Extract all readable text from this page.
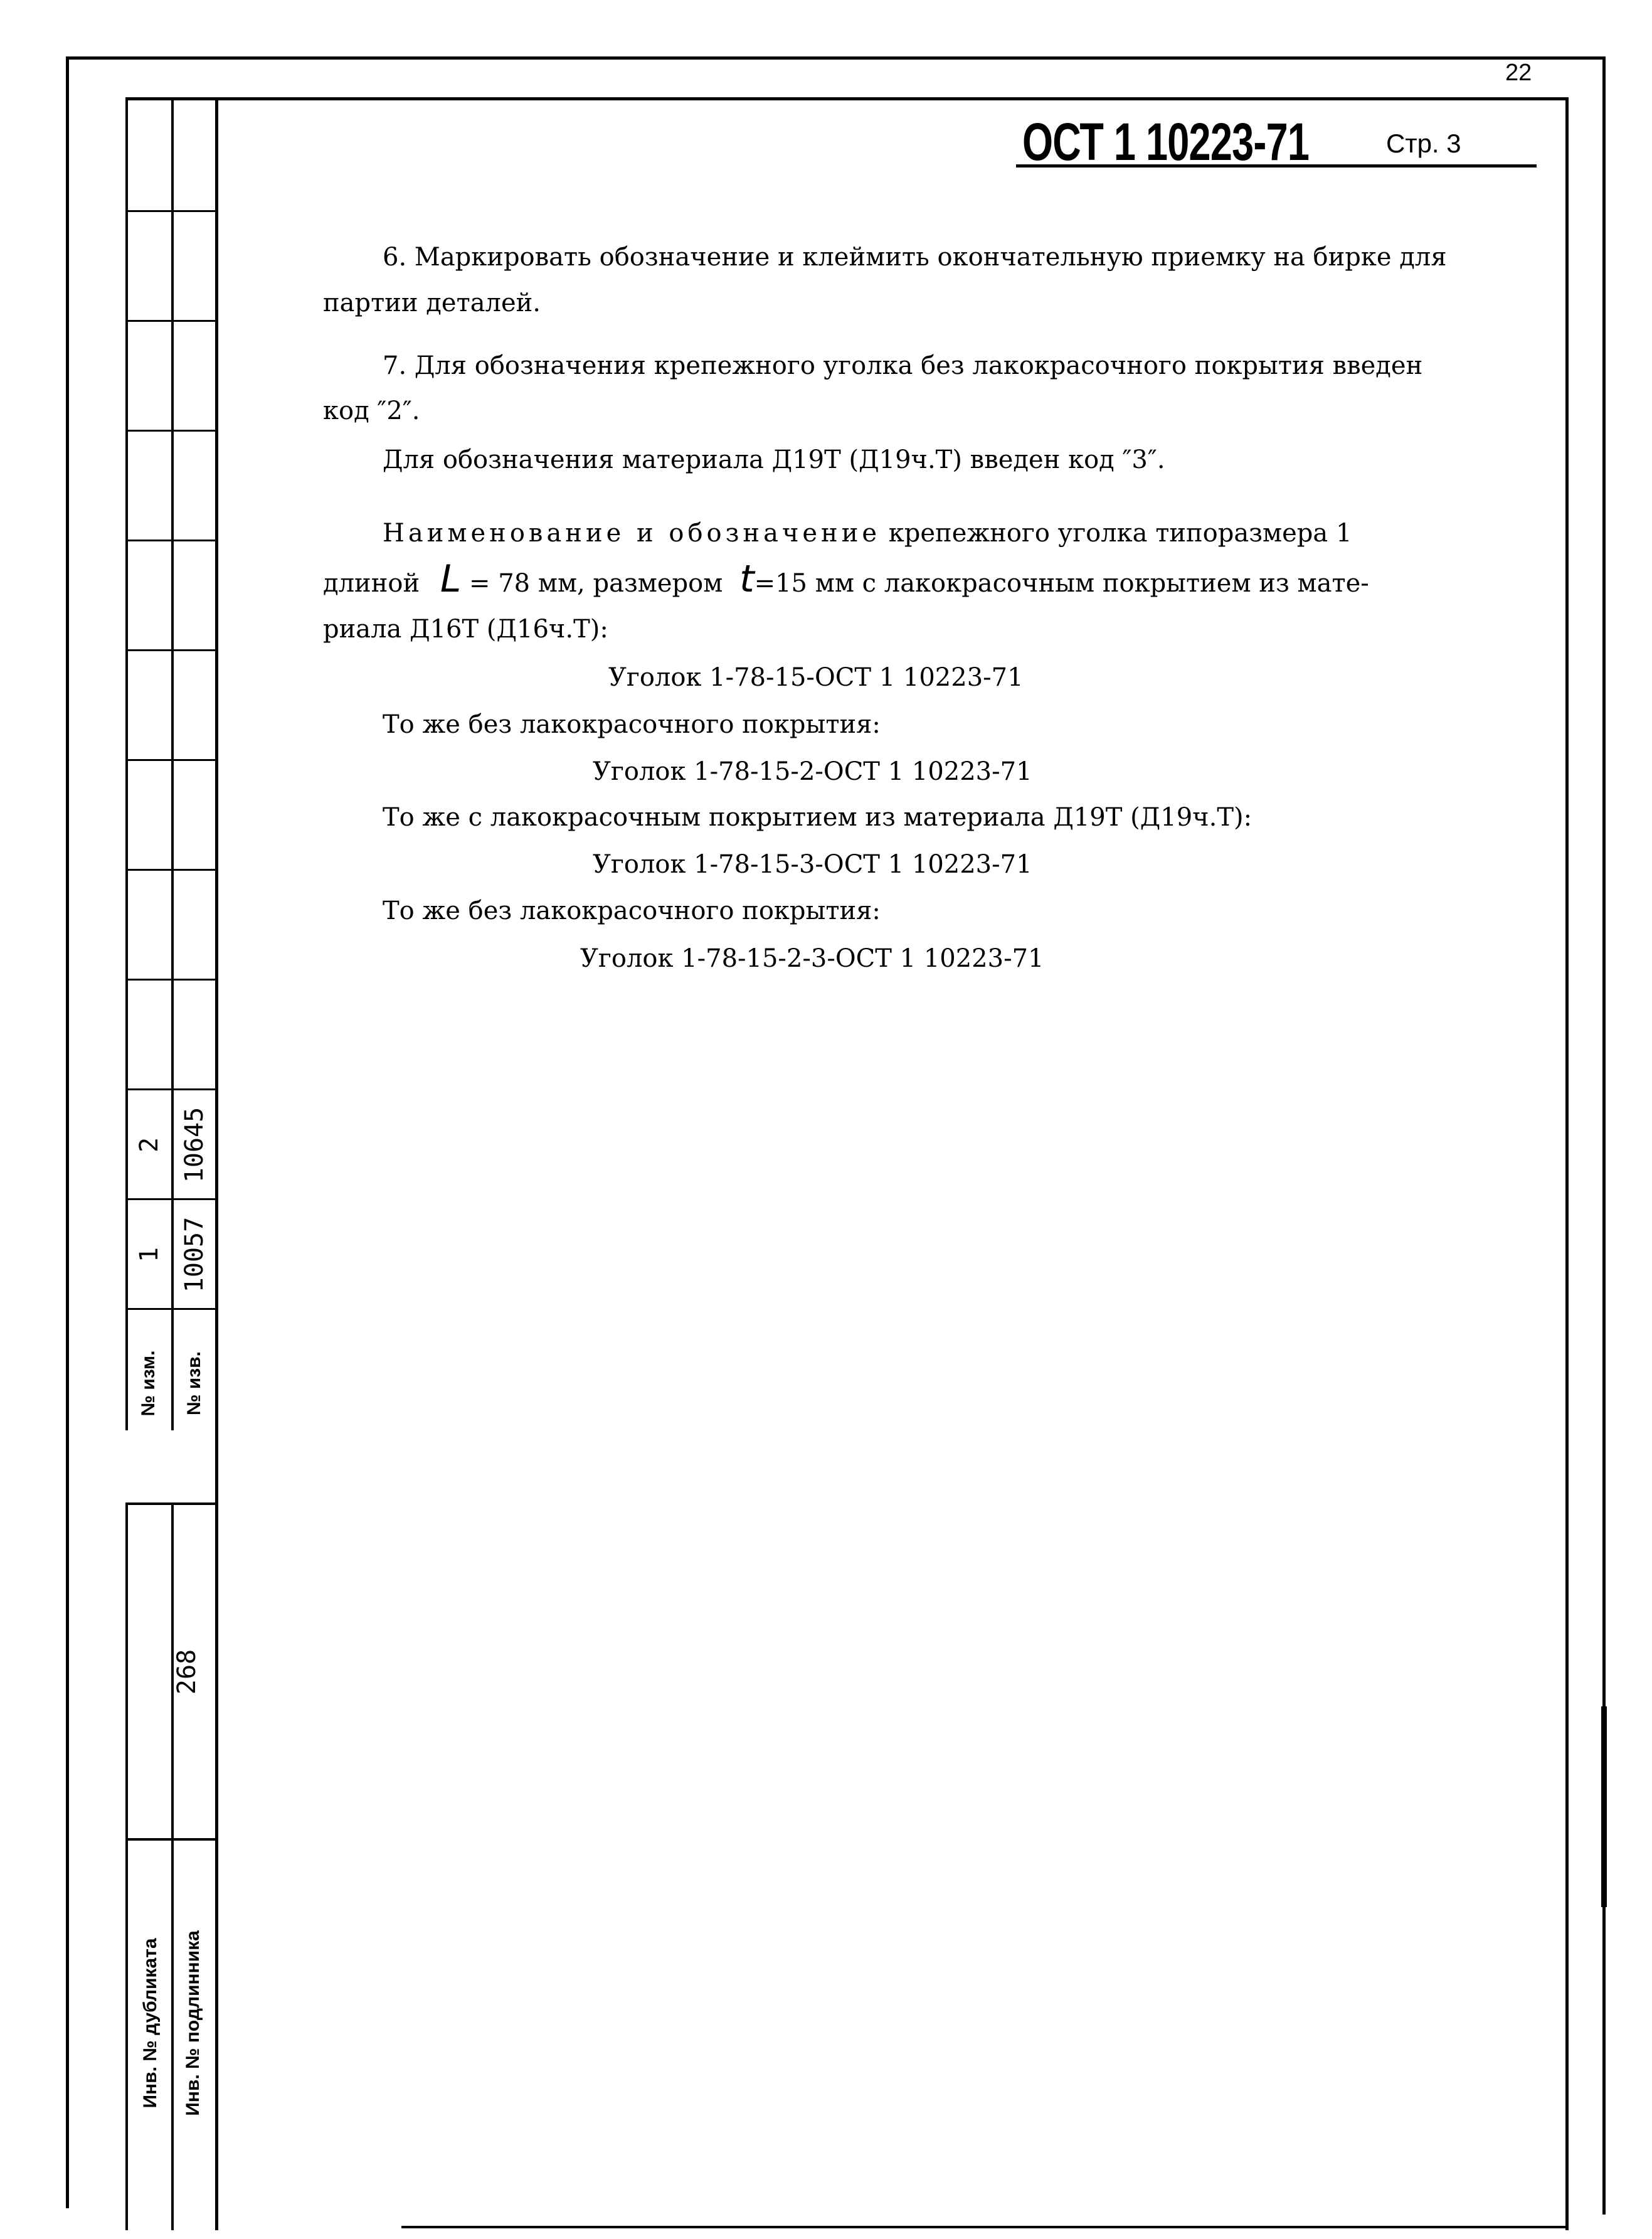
22
ОСТ 1 10223-71	Стр. 3
6. Маркировать обозначение и клеймить окончательную приемку на бирке для
партии деталей.
7. Для обозначения крепежного уголка без лакокрасочного покрытия введен
код ″2″.
Для обозначения материала Д19Т (Д19ч.Т) введен код ″3″.
Наименование и обозначение крепежного уголка типоразмера 1
длиной L = 78 мм, размером t=15 мм с лакокрасочным покрытием из мате-
риала Д16Т (Д16ч.Т):
Уголок 1-78-15-ОСТ 1 10223-71
То же без лакокрасочного покрытия:
Уголок 1-78-15-2-ОСТ 1 10223-71
То же с лакокрасочным покрытием из материала Д19Т (Д19ч.Т):
Уголок 1-78-15-3-ОСТ 1 10223-71
То же без лакокрасочного покрытия:
Уголок 1-78-15-2-3-ОСТ 1 10223-71
№ изм. № изв.
1
2
10057
10645
268
Инв. № дубликата Инв. № подлинника
